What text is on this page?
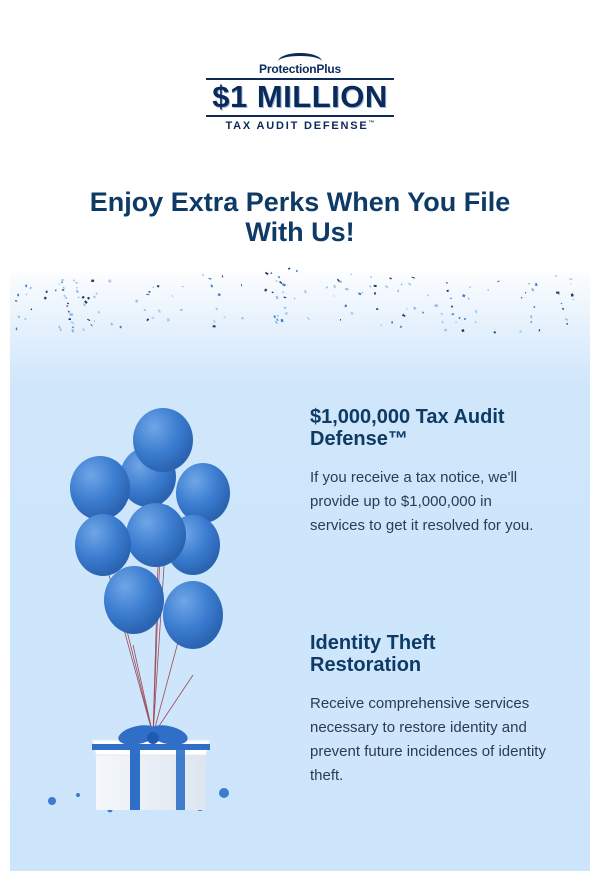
ProtectionPlus
$1 MILLION
TAX AUDIT DEFENSE™
Enjoy Extra Perks When You File With Us!
$1,000,000 Tax Audit Defense™
If you receive a tax notice, we'll provide up to $1,000,000 in services to get it resolved for you.
Identity Theft Restoration
Receive comprehensive services necessary to restore identity and prevent future incidences of identity theft.
